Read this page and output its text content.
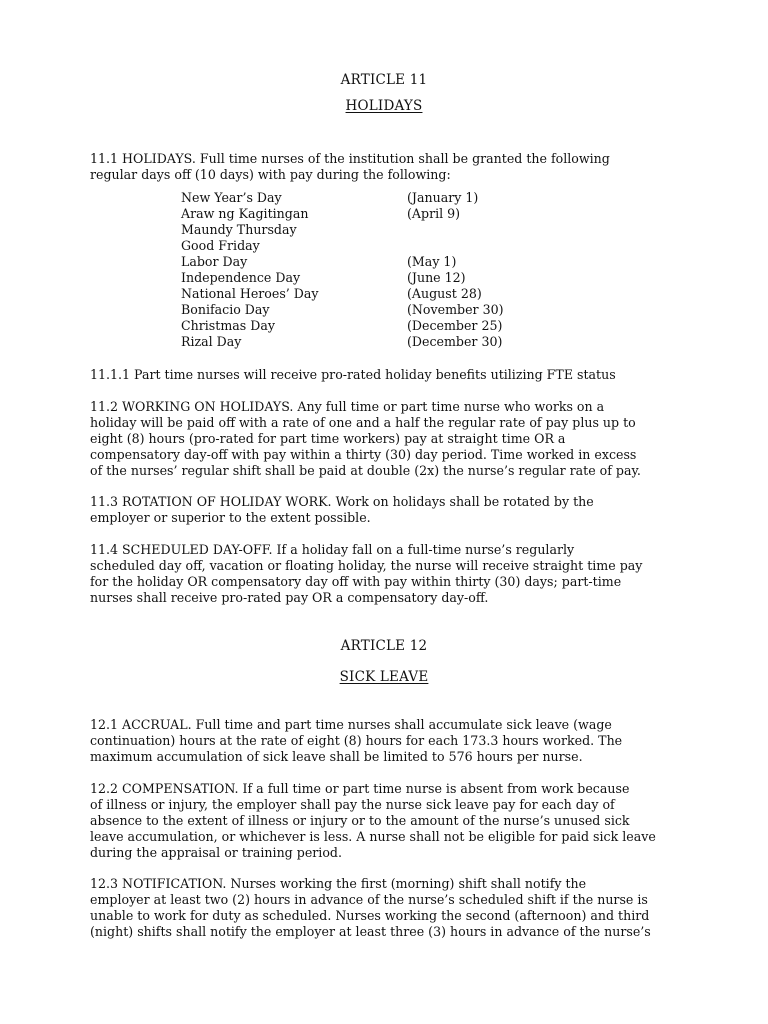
ARTICLE 11
HOLIDAYS
11.1 HOLIDAYS. Full time nurses of the institution shall be granted the following
regular days off (10 days) with pay during the following:
New Year’s Day	(January 1)
Araw ng Kagitingan	(April 9)
Maundy Thursday
Good Friday
Labor Day	(May 1)
Independence Day	(June 12)
National Heroes’ Day	(August 28)
Bonifacio Day	(November 30)
Christmas Day	(December 25)
Rizal Day	(December 30)
11.1.1 Part time nurses will receive pro-rated holiday benefits utilizing FTE status
11.2 WORKING ON HOLIDAYS. Any full time or part time nurse who works on a
holiday will be paid off with a rate of one and a half the regular rate of pay plus up to
eight (8) hours (pro-rated for part time workers) pay at straight time OR a
compensatory day-off with pay within a thirty (30) day period. Time worked in excess
of the nurses’ regular shift shall be paid at double (2x) the nurse’s regular rate of pay.
11.3 ROTATION OF HOLIDAY WORK. Work on holidays shall be rotated by the
employer or superior to the extent possible.
11.4 SCHEDULED DAY-OFF. If a holiday fall on a full-time nurse’s regularly
scheduled day off, vacation or floating holiday, the nurse will receive straight time pay
for the holiday OR compensatory day off with pay within thirty (30) days; part-time
nurses shall receive pro-rated pay OR a compensatory day-off.
ARTICLE 12
SICK LEAVE
12.1 ACCRUAL. Full time and part time nurses shall accumulate sick leave (wage
continuation) hours at the rate of eight (8) hours for each 173.3 hours worked. The
maximum accumulation of sick leave shall be limited to 576 hours per nurse.
12.2 COMPENSATION. If a full time or part time nurse is absent from work because
of illness or injury, the employer shall pay the nurse sick leave pay for each day of
absence to the extent of illness or injury or to the amount of the nurse’s unused sick
leave accumulation, or whichever is less. A nurse shall not be eligible for paid sick leave
during the appraisal or training period.
12.3 NOTIFICATION. Nurses working the first (morning) shift shall notify the
employer at least two (2) hours in advance of the nurse’s scheduled shift if the nurse is
unable to work for duty as scheduled. Nurses working the second (afternoon) and third
(night) shifts shall notify the employer at least three (3) hours in advance of the nurse’s
